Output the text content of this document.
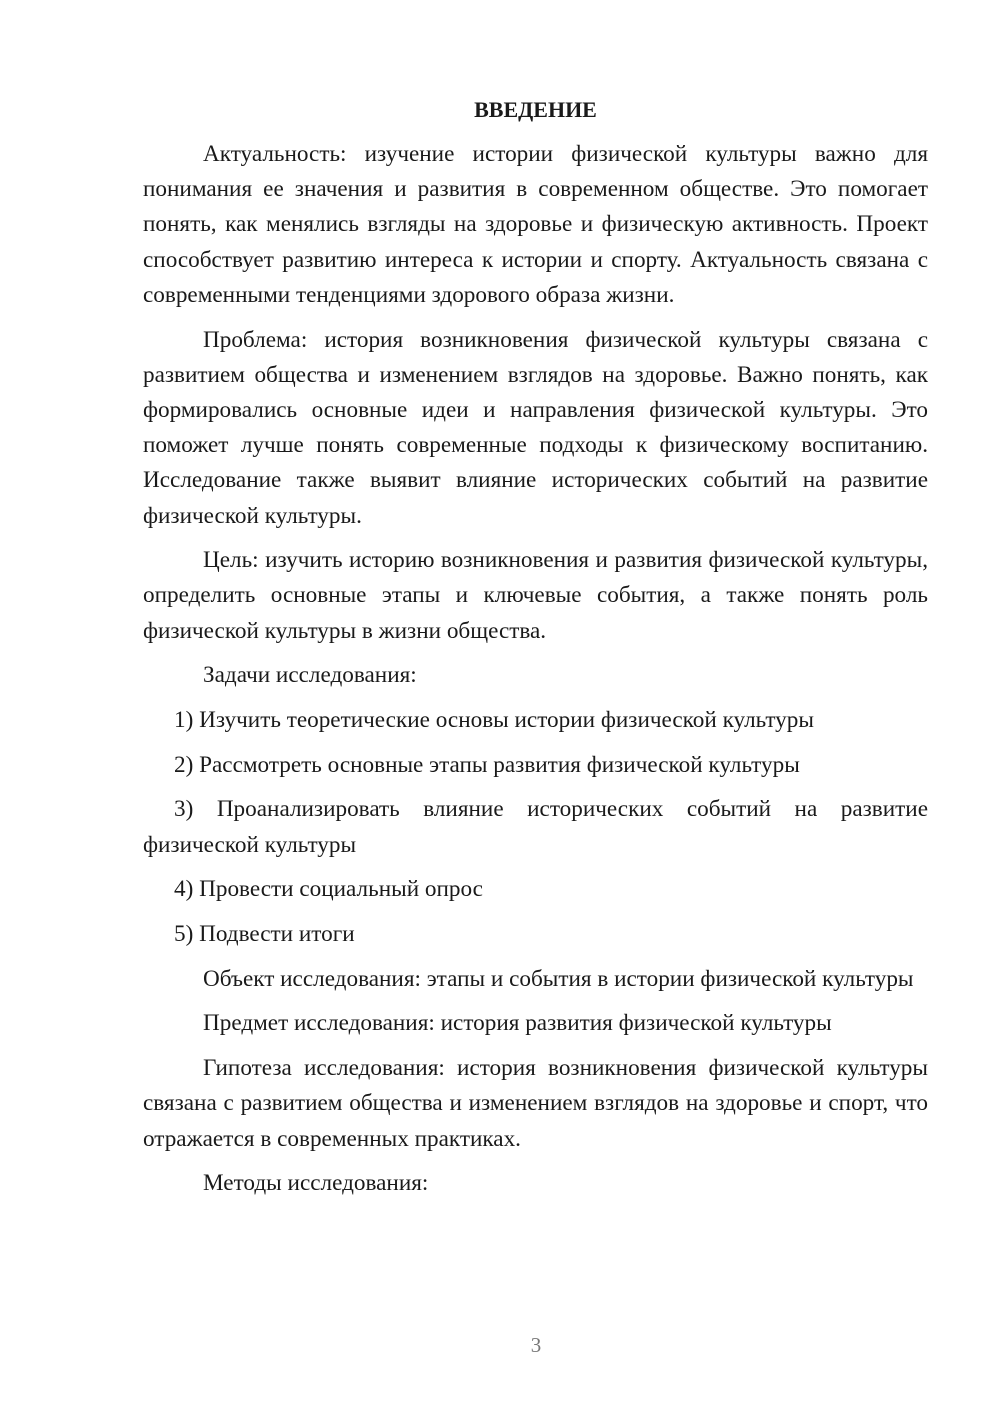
ВВЕДЕНИЕ

Актуальность: изучение истории физической культуры важно для понимания ее значения и развития в современном обществе. Это помогает понять, как менялись взгляды на здоровье и физическую активность. Проект способствует развитию интереса к истории и спорту. Актуальность связана с современными тенденциями здорового образа жизни.

Проблема: история возникновения физической культуры связана с развитием общества и изменением взглядов на здоровье. Важно понять, как формировались основные идеи и направления физической культуры. Это поможет лучше понять современные подходы к физическому воспитанию. Исследование также выявит влияние исторических событий на развитие физической культуры.

Цель: изучить историю возникновения и развития физической культуры, определить основные этапы и ключевые события, а также понять роль физической культуры в жизни общества.

Задачи исследования:

1) Изучить теоретические основы истории физической культуры

2) Рассмотреть основные этапы развития физической культуры

3) Проанализировать влияние исторических событий на развитие физической культуры

4) Провести социальный опрос

5) Подвести итоги

Объект исследования: этапы и события в истории физической культуры

Предмет исследования: история развития физической культуры

Гипотеза исследования: история возникновения физической культуры связана с развитием общества и изменением взглядов на здоровье и спорт, что отражается в современных практиках.

Методы исследования:

3
